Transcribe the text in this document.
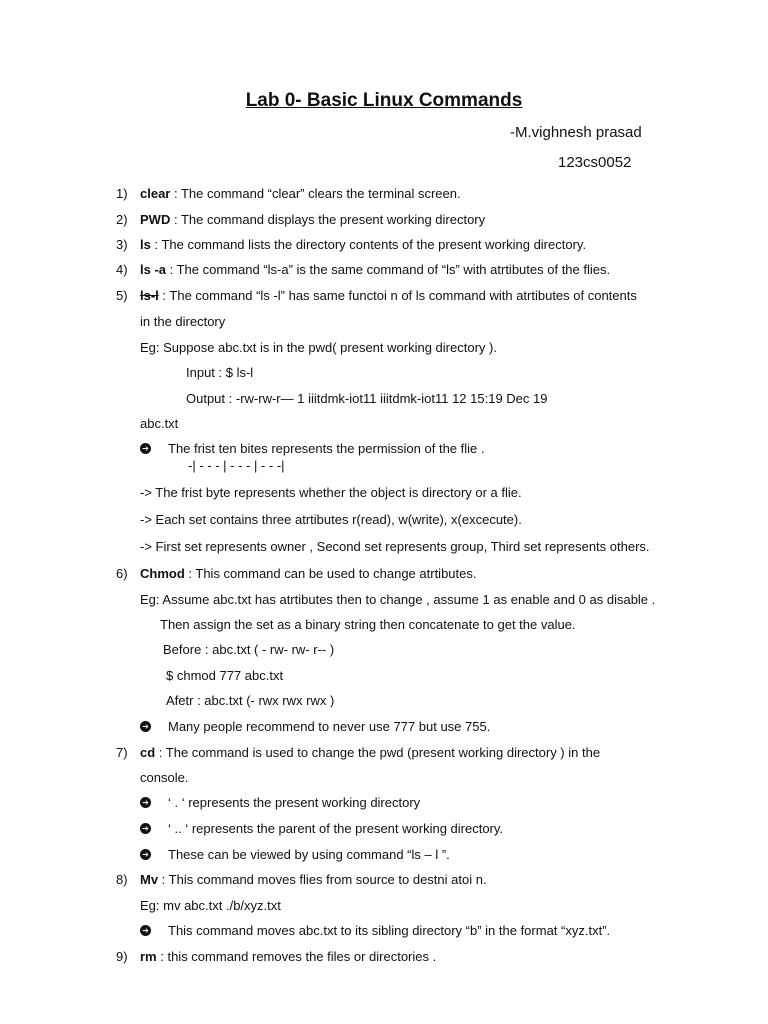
Lab 0- Basic Linux Commands
-M.vighnesh prasad
123cs0052
1) clear : The command “clear” clears the terminal screen.
2) PWD : The command displays the present working directory
3) ls : The command lists the directory contents of the present working directory.
4) ls -a : The command “ls-a” is the same command of “ls” with atrtibutes of the flies.
5) ls-l : The command “ls -l” has same functoi n of ls command with atrtibutes of contents
in the directory
Eg: Suppose abc.txt is in the pwd( present working directory ).
Input : $ ls-l
Output : -rw-rw-r— 1 iiitdmk-iot11 iiitdmk-iot11 12 15:19 Dec 19
abc.txt
➔ The frist ten bites represents the permission of the flie .
-| - - - | - - - | - - -|
-> The frist byte represents whether the object is directory or a flie.
-> Each set contains three atrtibutes r(read), w(write), x(excecute).
-> First set represents owner , Second set represents group, Third set represents others.
6) Chmod : This command can be used to change atrtibutes.
Eg: Assume abc.txt has atrtibutes then to change , assume 1 as enable and 0 as disable .
Then assign the set as a binary string then concatenate to get the value.
Before : abc.txt ( - rw- rw- r-- )
$ chmod 777 abc.txt
Afetr : abc.txt (- rwx rwx rwx )
➔ Many people recommend to never use 777 but use 755.
7) cd : The command is used to change the pwd (present working directory ) in the
console.
➔ ‘ . ‘ represents the present working directory
➔ ‘ .. ‘ represents the parent of the present working directory.
➔ These can be viewed by using command “ls – l ”.
8) Mv : This command moves flies from source to destni atoi n.
Eg: mv abc.txt ./b/xyz.txt
➔ This command moves abc.txt to its sibling directory “b” in the format “xyz.txt”.
9) rm : this command removes the files or directories .
